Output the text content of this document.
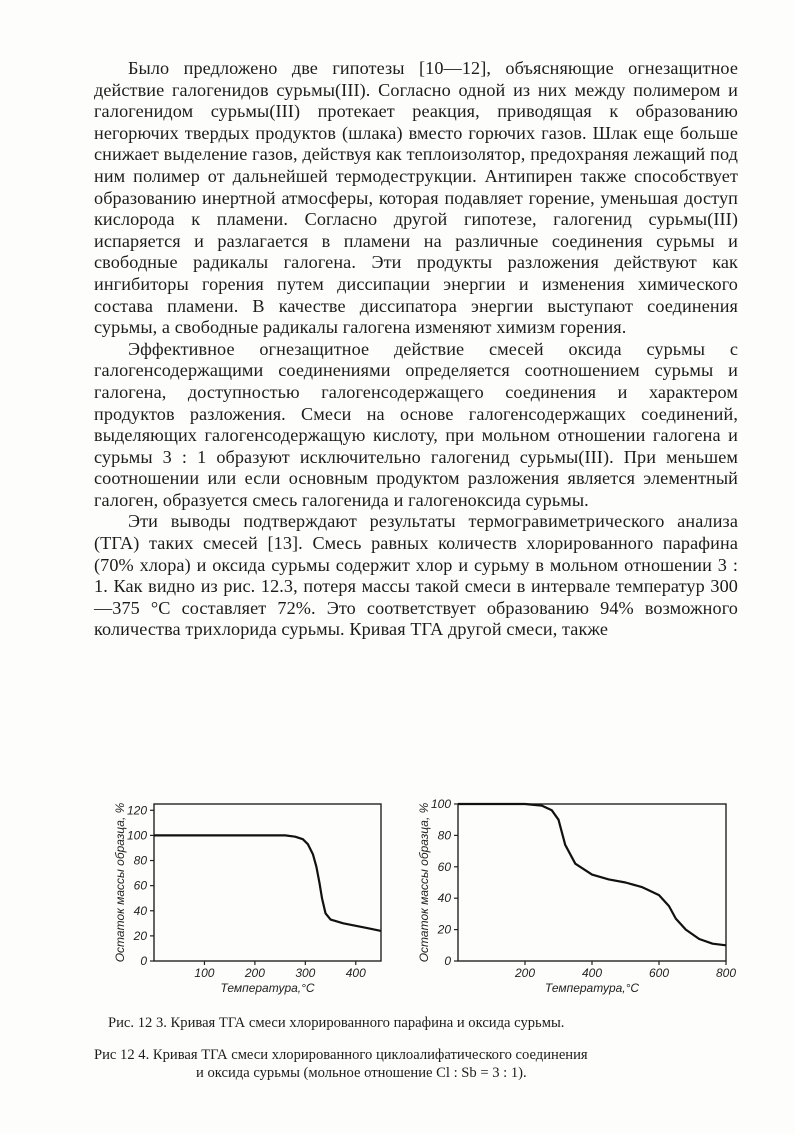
Было предложено две гипотезы [10—12], объясняющие огнезащитное действие галогенидов сурьмы(III). Согласно одной из них между полимером и галогенидом сурьмы(III) протекает реакция, приводящая к образованию негорючих твердых продуктов (шлака) вместо горючих газов. Шлак еще больше снижает выделение газов, действуя как теплоизолятор, предохраняя лежащий под ним полимер от дальнейшей термодеструкции. Антипирен также способствует образованию инертной атмосферы, которая подавляет горение, уменьшая доступ кислорода к пламени. Согласно другой гипотезе, галогенид сурьмы(III) испаряется и разлагается в пламени на различные соединения сурьмы и свободные радикалы галогена. Эти продукты разложения действуют как ингибиторы горения путем диссипации энергии и изменения химического состава пламени. В качестве диссипатора энергии выступают соединения сурьмы, а свободные радикалы галогена изменяют химизм горения.

Эффективное огнезащитное действие смесей оксида сурьмы с галогенсодержащими соединениями определяется соотношением сурьмы и галогена, доступностью галогенсодержащего соединения и характером продуктов разложения. Смеси на основе галогенсодержащих соединений, выделяющих галогенсодержащую кислоту, при мольном отношении галогена и сурьмы 3 : 1 образуют исключительно галогенид сурьмы(III). При меньшем соотношении или если основным продуктом разложения является элементный галоген, образуется смесь галогенида и галогеноксида сурьмы.

Эти выводы подтверждают результаты термогравиметрического анализа (ТГА) таких смесей [13]. Смесь равных количеств хлорированного парафина (70% хлора) и оксида сурьмы содержит хлор и сурьму в мольном отношении 3 : 1. Как видно из рис. 12.3, потеря массы такой смеси в интервале температур 300—375 °С составляет 72%. Это соответствует образованию 94% возможного количества трихлорида сурьмы. Кривая ТГА другой смеси, также

0
20
40
60
80
100
120
100	200	300	400
Температура,°С
Остаток массы образца, %	0
20
40
60
80
100
200	400	600	800
Температура,°С
Остаток массы образца, %

Рис. 12 3. Кривая ТГА смеси хлорированного парафина и оксида сурьмы.

Рис 12 4. Кривая ТГА смеси хлорированного циклоалифатического соединения
и оксида сурьмы (мольное отношение Cl : Sb = 3 : 1).
